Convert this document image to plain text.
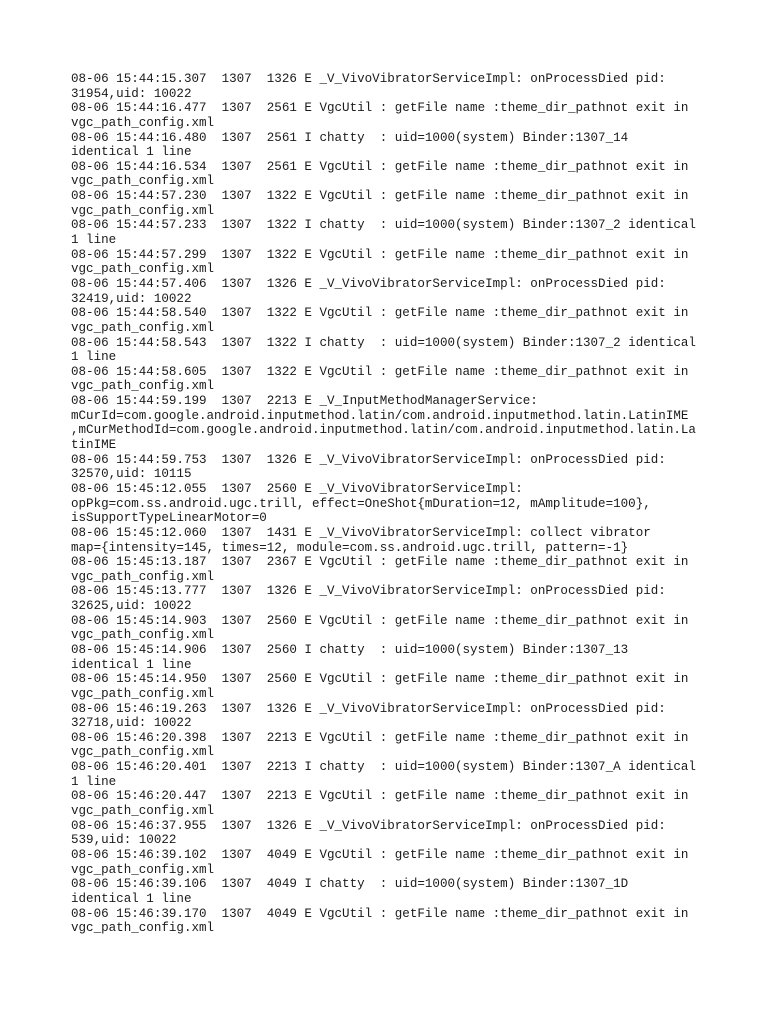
08-06 15:44:15.307  1307  1326 E _V_VivoVibratorServiceImpl: onProcessDied pid:
31954,uid: 10022
08-06 15:44:16.477  1307  2561 E VgcUtil : getFile name :theme_dir_pathnot exit in
vgc_path_config.xml
08-06 15:44:16.480  1307  2561 I chatty  : uid=1000(system) Binder:1307_14
identical 1 line
08-06 15:44:16.534  1307  2561 E VgcUtil : getFile name :theme_dir_pathnot exit in
vgc_path_config.xml
08-06 15:44:57.230  1307  1322 E VgcUtil : getFile name :theme_dir_pathnot exit in
vgc_path_config.xml
08-06 15:44:57.233  1307  1322 I chatty  : uid=1000(system) Binder:1307_2 identical
1 line
08-06 15:44:57.299  1307  1322 E VgcUtil : getFile name :theme_dir_pathnot exit in
vgc_path_config.xml
08-06 15:44:57.406  1307  1326 E _V_VivoVibratorServiceImpl: onProcessDied pid:
32419,uid: 10022
08-06 15:44:58.540  1307  1322 E VgcUtil : getFile name :theme_dir_pathnot exit in
vgc_path_config.xml
08-06 15:44:58.543  1307  1322 I chatty  : uid=1000(system) Binder:1307_2 identical
1 line
08-06 15:44:58.605  1307  1322 E VgcUtil : getFile name :theme_dir_pathnot exit in
vgc_path_config.xml
08-06 15:44:59.199  1307  2213 E _V_InputMethodManagerService:
mCurId=com.google.android.inputmethod.latin/com.android.inputmethod.latin.LatinIME
,mCurMethodId=com.google.android.inputmethod.latin/com.android.inputmethod.latin.La
tinIME
08-06 15:44:59.753  1307  1326 E _V_VivoVibratorServiceImpl: onProcessDied pid:
32570,uid: 10115
08-06 15:45:12.055  1307  2560 E _V_VivoVibratorServiceImpl:
opPkg=com.ss.android.ugc.trill, effect=OneShot{mDuration=12, mAmplitude=100},
isSupportTypeLinearMotor=0
08-06 15:45:12.060  1307  1431 E _V_VivoVibratorServiceImpl: collect vibrator
map={intensity=145, times=12, module=com.ss.android.ugc.trill, pattern=-1}
08-06 15:45:13.187  1307  2367 E VgcUtil : getFile name :theme_dir_pathnot exit in
vgc_path_config.xml
08-06 15:45:13.777  1307  1326 E _V_VivoVibratorServiceImpl: onProcessDied pid:
32625,uid: 10022
08-06 15:45:14.903  1307  2560 E VgcUtil : getFile name :theme_dir_pathnot exit in
vgc_path_config.xml
08-06 15:45:14.906  1307  2560 I chatty  : uid=1000(system) Binder:1307_13
identical 1 line
08-06 15:45:14.950  1307  2560 E VgcUtil : getFile name :theme_dir_pathnot exit in
vgc_path_config.xml
08-06 15:46:19.263  1307  1326 E _V_VivoVibratorServiceImpl: onProcessDied pid:
32718,uid: 10022
08-06 15:46:20.398  1307  2213 E VgcUtil : getFile name :theme_dir_pathnot exit in
vgc_path_config.xml
08-06 15:46:20.401  1307  2213 I chatty  : uid=1000(system) Binder:1307_A identical
1 line
08-06 15:46:20.447  1307  2213 E VgcUtil : getFile name :theme_dir_pathnot exit in
vgc_path_config.xml
08-06 15:46:37.955  1307  1326 E _V_VivoVibratorServiceImpl: onProcessDied pid:
539,uid: 10022
08-06 15:46:39.102  1307  4049 E VgcUtil : getFile name :theme_dir_pathnot exit in
vgc_path_config.xml
08-06 15:46:39.106  1307  4049 I chatty  : uid=1000(system) Binder:1307_1D
identical 1 line
08-06 15:46:39.170  1307  4049 E VgcUtil : getFile name :theme_dir_pathnot exit in
vgc_path_config.xml
